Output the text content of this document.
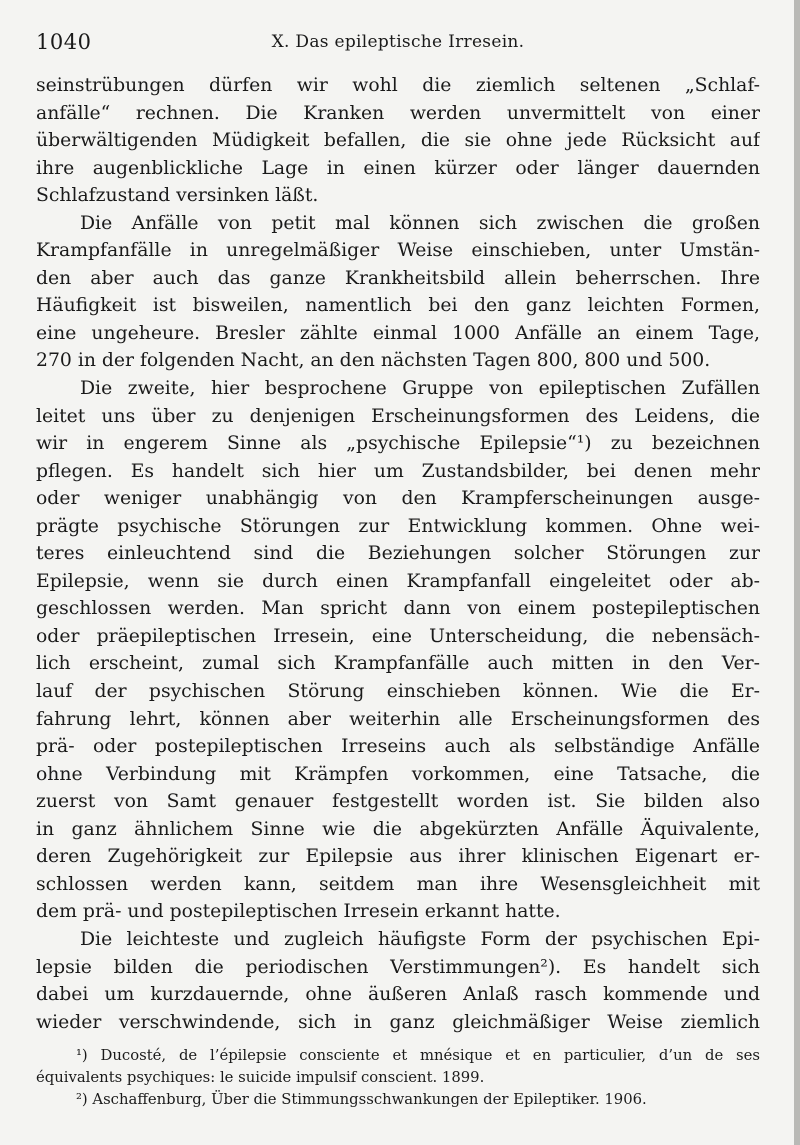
1040	X. Das epileptische Irresein.
seinstrübungen dürfen wir wohl die ziemlich seltenen „Schlaf-
anfälle“ rechnen. Die Kranken werden unvermittelt von einer
überwältigenden Müdigkeit befallen, die sie ohne jede Rücksicht auf
ihre augenblickliche Lage in einen kürzer oder länger dauernden
Schlafzustand versinken läßt.
Die Anfälle von petit mal können sich zwischen die großen
Krampfanfälle in unregelmäßiger Weise einschieben, unter Umstän-
den aber auch das ganze Krankheitsbild allein beherrschen. Ihre
Häufigkeit ist bisweilen, namentlich bei den ganz leichten Formen,
eine ungeheure. Bresler zählte einmal 1000 Anfälle an einem Tage,
270 in der folgenden Nacht, an den nächsten Tagen 800, 800 und 500.
Die zweite, hier besprochene Gruppe von epileptischen Zufällen
leitet uns über zu denjenigen Erscheinungsformen des Leidens, die
wir in engerem Sinne als „psychische Epilepsie“¹) zu bezeichnen
pflegen. Es handelt sich hier um Zustandsbilder, bei denen mehr
oder weniger unabhängig von den Krampferscheinungen ausge-
prägte psychische Störungen zur Entwicklung kommen. Ohne wei-
teres einleuchtend sind die Beziehungen solcher Störungen zur
Epilepsie, wenn sie durch einen Krampfanfall eingeleitet oder ab-
geschlossen werden. Man spricht dann von einem postepileptischen
oder präepileptischen Irresein, eine Unterscheidung, die nebensäch-
lich erscheint, zumal sich Krampfanfälle auch mitten in den Ver-
lauf der psychischen Störung einschieben können. Wie die Er-
fahrung lehrt, können aber weiterhin alle Erscheinungsformen des
prä- oder postepileptischen Irreseins auch als selbständige Anfälle
ohne Verbindung mit Krämpfen vorkommen, eine Tatsache, die
zuerst von Samt genauer festgestellt worden ist. Sie bilden also
in ganz ähnlichem Sinne wie die abgekürzten Anfälle Äquivalente,
deren Zugehörigkeit zur Epilepsie aus ihrer klinischen Eigenart er-
schlossen werden kann, seitdem man ihre Wesensgleichheit mit
dem prä- und postepileptischen Irresein erkannt hatte.
Die leichteste und zugleich häufigste Form der psychischen Epi-
lepsie bilden die periodischen Verstimmungen²). Es handelt sich
dabei um kurzdauernde, ohne äußeren Anlaß rasch kommende und
wieder verschwindende, sich in ganz gleichmäßiger Weise ziemlich
¹) Ducosté, de l’épilepsie consciente et mnésique et en particulier, d’un de ses
équivalents psychiques: le suicide impulsif conscient. 1899.
²) Aschaffenburg, Über die Stimmungsschwankungen der Epileptiker. 1906.
